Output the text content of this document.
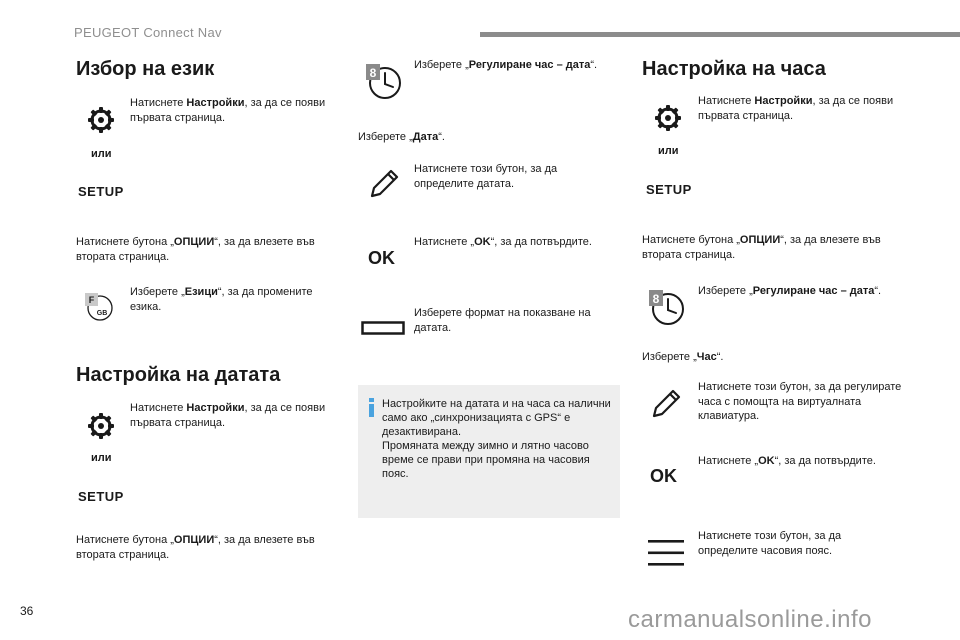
PEUGEOT Connect Nav
Избор на език
Натиснете Настройки, за да се появи първата страница.
или
SETUP
Натиснете бутона „ОПЦИИ“, за да влезете във втората страница.
F
GB
Изберете „Езици“, за да промените езика.
Настройка на датата
Натиснете Настройки, за да се появи първата страница.
или
SETUP
Натиснете бутона „ОПЦИИ“, за да влезете във втората страница.
8
Изберете „Регулиране час – дата“.
Изберете „Дата“.
Натиснете този бутон, за да определите датата.
OK
Натиснете „OK“, за да потвърдите.
Изберете формат на показване на датата.
Настройките на датата и на часа са налични само ако „синхронизацията с GPS“ е дезактивирана.
Промяната между зимно и лятно часово време се прави при промяна на часовия пояс.
Настройка на часа
Натиснете Настройки, за да се появи първата страница.
или
SETUP
Натиснете бутона „ОПЦИИ“, за да влезете във втората страница.
8
Изберете „Регулиране час – дата“.
Изберете „Час“.
Натиснете този бутон, за да регулирате часа с помощта на виртуалната клавиатура.
OK
Натиснете „OK“, за да потвърдите.
Натиснете този бутон, за да определите часовия пояс.
36	carmanualsonline.info
